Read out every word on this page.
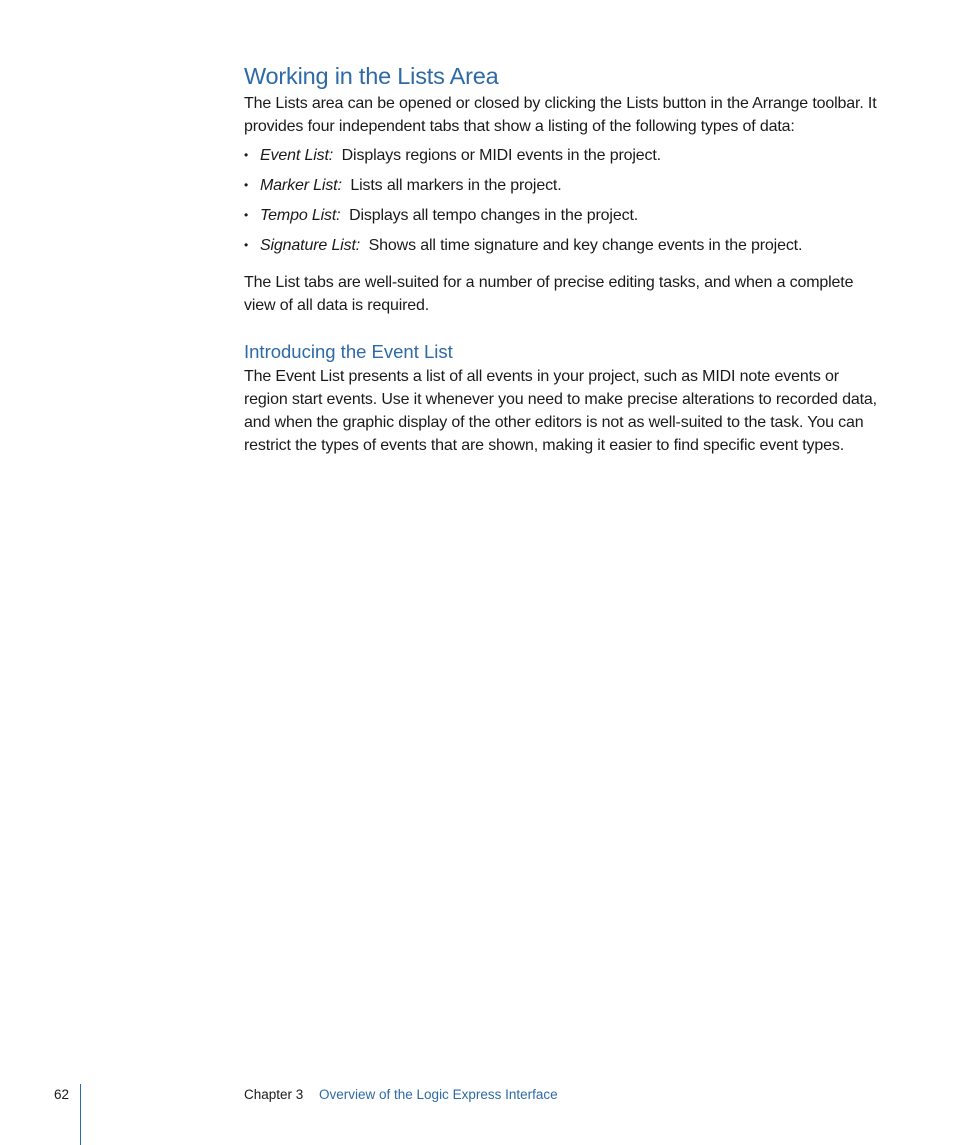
Working in the Lists Area

The Lists area can be opened or closed by clicking the Lists button in the Arrange toolbar. It provides four independent tabs that show a listing of the following types of data:

• Event List: Displays regions or MIDI events in the project.
• Marker List: Lists all markers in the project.
• Tempo List: Displays all tempo changes in the project.
• Signature List: Shows all time signature and key change events in the project.

The List tabs are well-suited for a number of precise editing tasks, and when a complete view of all data is required.

Introducing the Event List

The Event List presents a list of all events in your project, such as MIDI note events or region start events. Use it whenever you need to make precise alterations to recorded data, and when the graphic display of the other editors is not as well-suited to the task. You can restrict the types of events that are shown, making it easier to find specific event types.

62	Chapter 3 Overview of the Logic Express Interface
